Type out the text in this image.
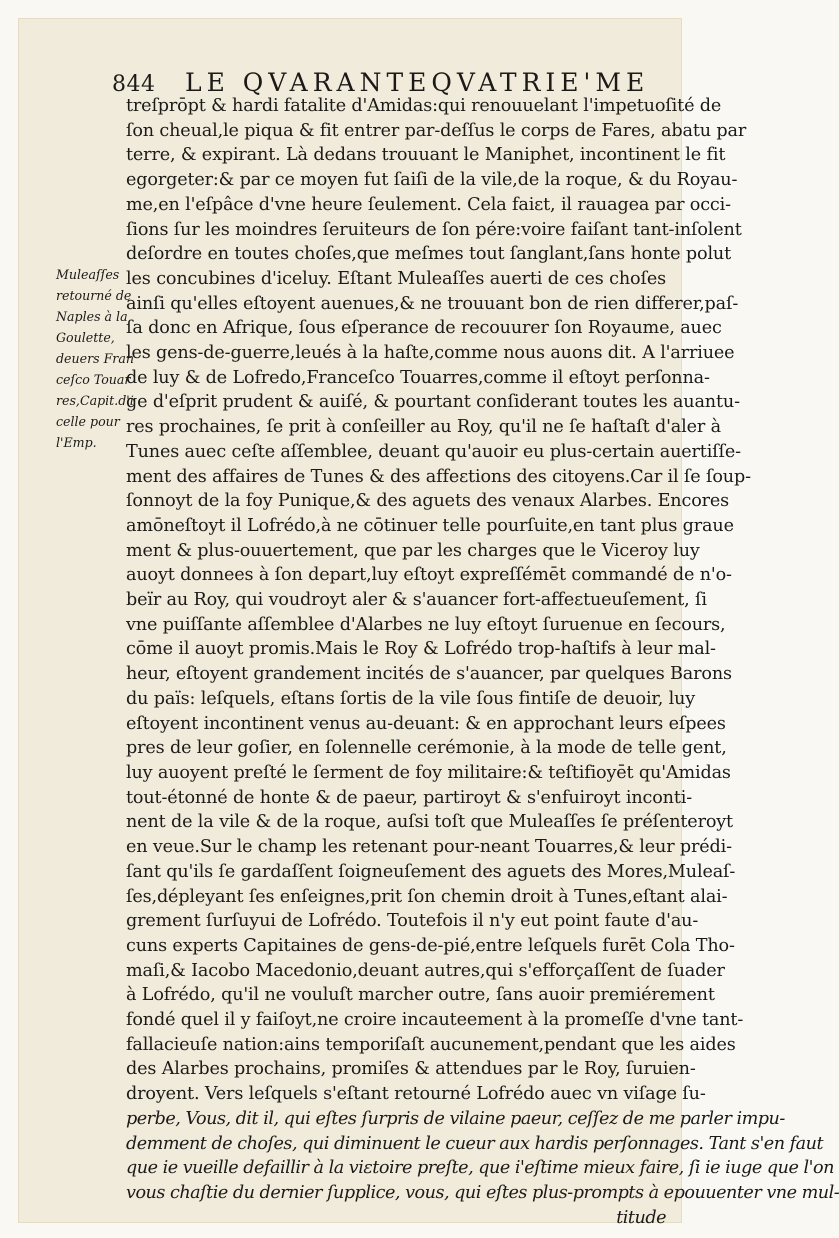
844 LE QVARANTEQVATRIE'ME
Muleaſſes
retourné de
Naples à la
Goulette,
deuers Fran
ceſco Touar
res,Capit.d'i
celle pour
l'Emp.
treſprōpt & hardi fatalite d'Amidas:qui renouuelant l'impetuoſité de
ſon cheual,le piqua & fit entrer par-deſſus le corps de Fares, abatu par
terre, & expirant. Là dedans trouuant le Maniphet, incontinent le fit
egorgeter:& par ce moyen fut ſaiſi de la vile,de la roque, & du Royau-
me,en l'eſpâce d'vne heure ſeulement. Cela faiɛt, il rauagea par occi-
ſions ſur les moindres ſeruiteurs de ſon pére:voire faiſant tant-inſolent
deſordre en toutes choſes,que meſmes tout ſanglant,ſans honte polut
les concubines d'iceluy. Eſtant Muleaſſes auerti de ces choſes
ainſi qu'elles eſtoyent auenues,& ne trouuant bon de rien differer,paſ-
ſa donc en Afrique, ſous eſperance de recouurer ſon Royaume, auec
les gens-de-guerre,leués à la haſte,comme nous auons dit. A l'arriuee
de luy & de Lofredo,Franceſco Touarres,comme il eſtoyt perſonna-
ge d'eſprit prudent & auiſé, & pourtant conſiderant toutes les auantu-
res prochaines, ſe prit à conſeiller au Roy, qu'il ne ſe haſtaſt d'aler à
Tunes auec ceſte aſſemblee, deuant qu'auoir eu plus-certain auertiſſe-
ment des affaires de Tunes & des affeɛtions des citoyens.Car il ſe ſoup-
ſonnoyt de la foy Punique,& des aguets des venaux Alarbes. Encores
amōneſtoyt il Lofrédo,à ne cōtinuer telle pourſuite,en tant plus graue
ment & plus-ouuertement, que par les charges que le Viceroy luy
auoyt donnees à ſon depart,luy eſtoyt expreſſémēt commandé de n'o-
beïr au Roy, qui voudroyt aler & s'auancer fort-affeɛtueuſement, ſi
vne puiſſante aſſemblee d'Alarbes ne luy eſtoyt ſuruenue en ſecours,
cōme il auoyt promis.Mais le Roy & Lofrédo trop-haſtifs à leur mal-
heur, eſtoyent grandement incités de s'auancer, par quelques Barons
du païs: leſquels, eſtans ſortis de la vile ſous fintiſe de deuoir, luy
eſtoyent incontinent venus au-deuant: & en approchant leurs eſpees
pres de leur goſier, en ſolennelle cerémonie, à la mode de telle gent,
luy auoyent preſté le ſerment de foy militaire:& teſtifioyēt qu'Amidas
tout-étonné de honte & de paeur, partiroyt & s'enfuiroyt inconti-
nent de la vile & de la roque, auſsi toſt que Muleaſſes ſe préſenteroyt
en veue.Sur le champ les retenant pour-neant Touarres,& leur prédi-
ſant qu'ils ſe gardaſſent ſoigneuſement des aguets des Mores,Muleaſ-
ſes,dépleyant ſes enſeignes,prit ſon chemin droit à Tunes,eſtant alai-
grement ſurſuyui de Lofrédo. Toutefois il n'y eut point faute d'au-
cuns experts Capitaines de gens-de-pié,entre leſquels furēt Cola Tho-
maſi,& Iacobo Macedonio,deuant autres,qui s'efforçaſſent de ſuader
à Lofrédo, qu'il ne vouluſt marcher outre, ſans auoir premiérement
fondé quel il y faiſoyt,ne croire incauteement à la promeſſe d'vne tant-
fallacieuſe nation:ains temporiſaſt aucunement,pendant que les aides
des Alarbes prochains, promiſes & attendues par le Roy, ſuruien-
droyent. Vers leſquels s'eſtant retourné Lofrédo auec vn viſage ſu-
perbe, Vous, dit il, qui eſtes ſurpris de vilaine paeur, ceſſez de me parler impu-
demment de choſes, qui diminuent le cueur aux hardis perſonnages. Tant s'en faut
que ie vueille defaillir à la viɛtoire preſte, que i'eſtime mieux faire, ſi ie iuge que l'on
vous chaſtie du dernier ſupplice, vous, qui eſtes plus-prompts à epouuenter vne mul-
titude
